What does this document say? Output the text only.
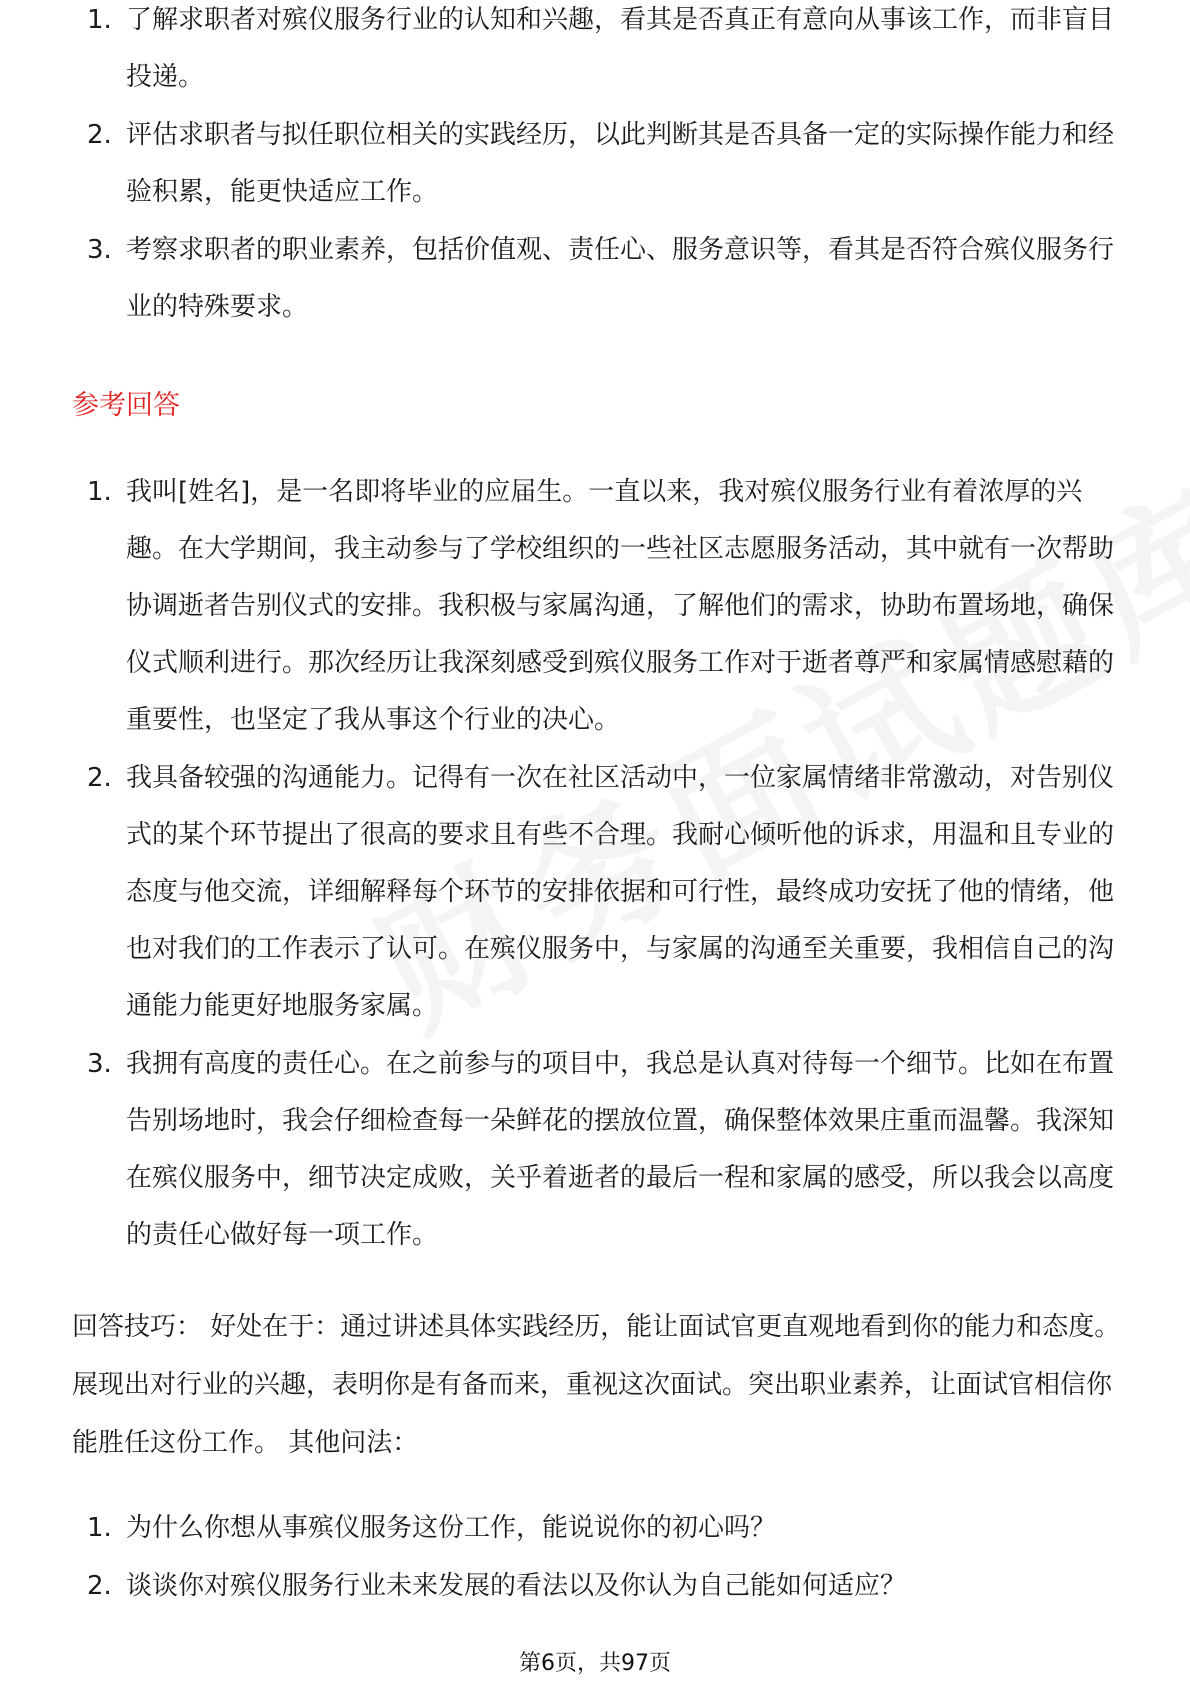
1. 了解求职者对殡仪服务行业的认知和兴趣，看其是否真正有意向从事该工作，而非盲目投递。
2. 评估求职者与拟任职位相关的实践经历，以此判断其是否具备一定的实际操作能力和经验积累，能更快适应工作。
3. 考察求职者的职业素养，包括价值观、责任心、服务意识等，看其是否符合殡仪服务行业的特殊要求。
参考回答
1. 我叫[姓名]，是一名即将毕业的应届生。一直以来，我对殡仪服务行业有着浓厚的兴趣。在大学期间，我主动参与了学校组织的一些社区志愿服务活动，其中就有一次帮助协调逝者告别仪式的安排。我积极与家属沟通，了解他们的需求，协助布置场地，确保仪式顺利进行。那次经历让我深刻感受到殡仪服务工作对于逝者尊严和家属情感慰藉的重要性，也坚定了我从事这个行业的决心。
2. 我具备较强的沟通能力。记得有一次在社区活动中，一位家属情绪非常激动，对告别仪式的某个环节提出了很高的要求且有些不合理。我耐心倾听他的诉求，用温和且专业的态度与他交流，详细解释每个环节的安排依据和可行性，最终成功安抚了他的情绪，他也对我们的工作表示了认可。在殡仪服务中，与家属的沟通至关重要，我相信自己的沟通能力能更好地服务家属。
3. 我拥有高度的责任心。在之前参与的项目中，我总是认真对待每一个细节。比如在布置告别场地时，我会仔细检查每一朵鲜花的摆放位置，确保整体效果庄重而温馨。我深知在殡仪服务中，细节决定成败，关乎着逝者的最后一程和家属的感受，所以我会以高度的责任心做好每一项工作。

回答技巧： 好处在于：通过讲述具体实践经历，能让面试官更直观地看到你的能力和态度。展现出对行业的兴趣，表明你是有备而来，重视这次面试。突出职业素养，让面试官相信你能胜任这份工作。 其他问法：

1. 为什么你想从事殡仪服务这份工作，能说说你的初心吗？
2. 谈谈你对殡仪服务行业未来发展的看法以及你认为自己能如何适应？
第6页，共97页
